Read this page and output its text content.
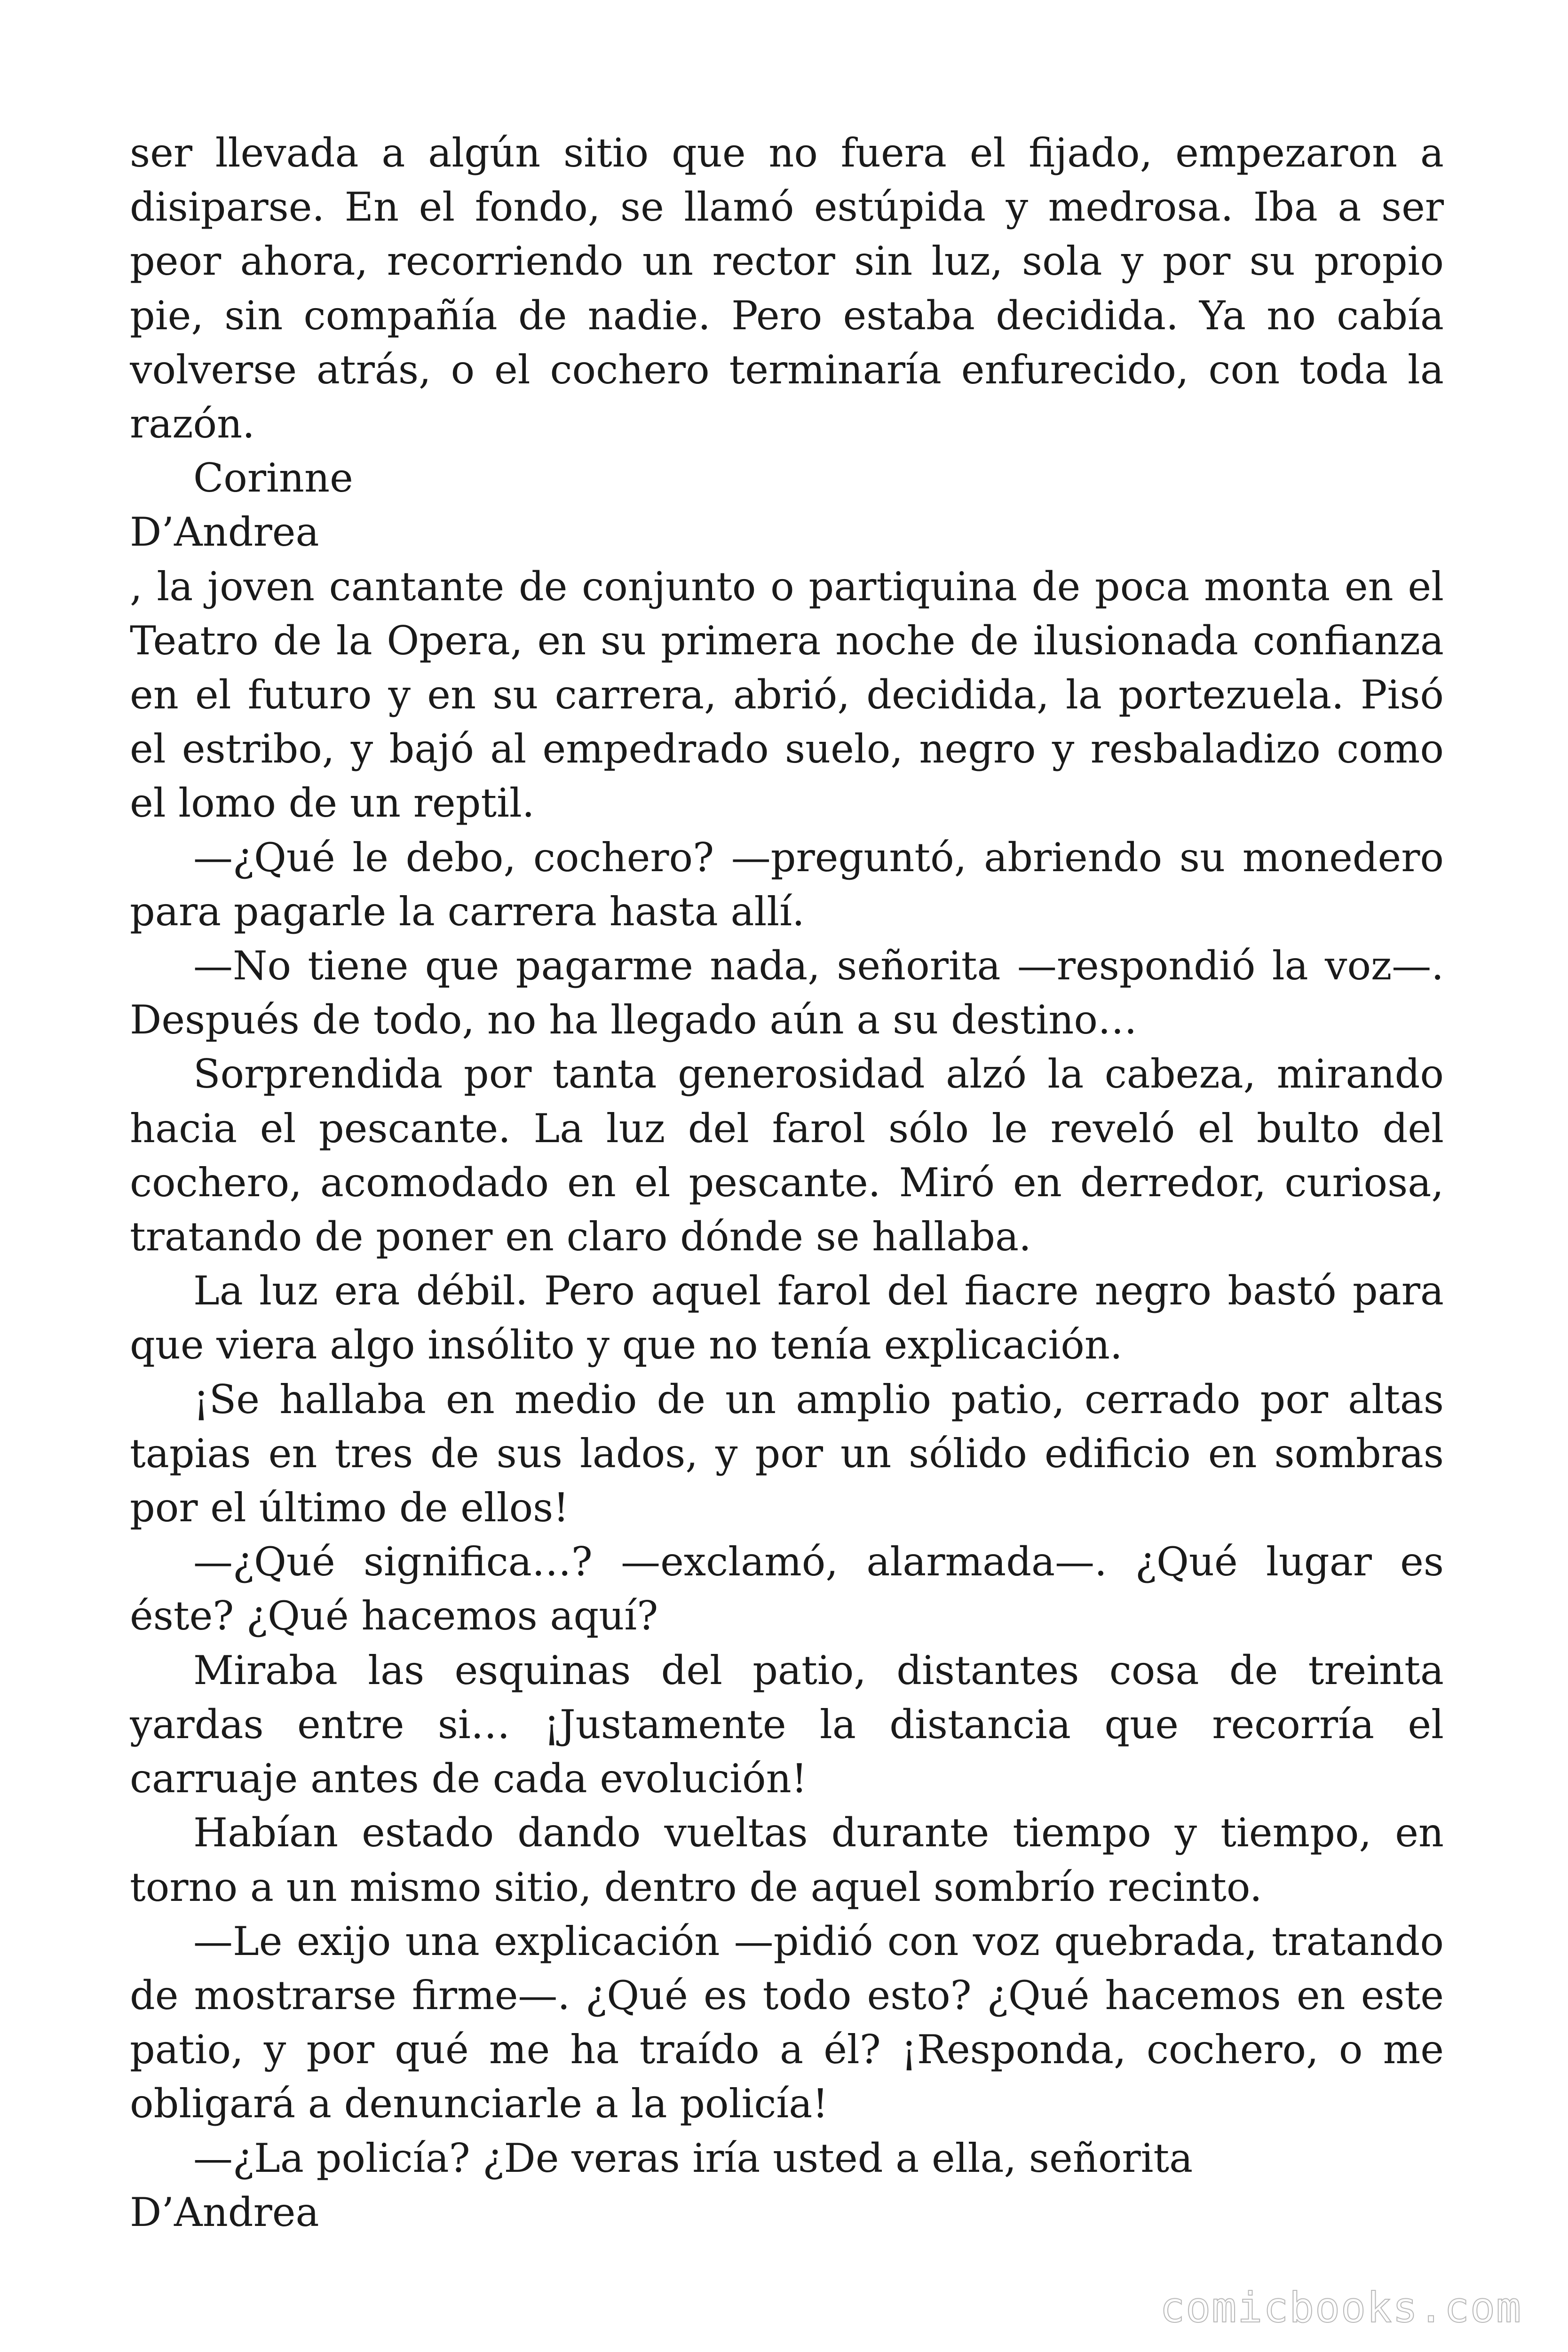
ser llevada a algún sitio que no fuera el fijado, empezaron a disiparse. En el fondo, se llamó estúpida y medrosa. Iba a ser peor ahora, recorriendo un rector sin luz, sola y por su propio pie, sin compañía de nadie. Pero estaba decidida. Ya no cabía volverse atrás, o el cochero terminaría enfurecido, con toda la razón.

Corinne

D’Andrea

, la joven cantante de conjunto o partiquina de poca monta en el Teatro de la Opera, en su primera noche de ilusionada confianza en el futuro y en su carrera, abrió, decidida, la portezuela. Pisó el estribo, y bajó al empedrado suelo, negro y resbaladizo como el lomo de un reptil.

—¿Qué le debo, cochero? —preguntó, abriendo su monedero para pagarle la carrera hasta allí.

—No tiene que pagarme nada, señorita —respondió la voz—. Después de todo, no ha llegado aún a su destino…

Sorprendida por tanta generosidad alzó la cabeza, mirando hacia el pescante. La luz del farol sólo le reveló el bulto del cochero, acomodado en el pescante. Miró en derredor, curiosa, tratando de poner en claro dónde se hallaba.

La luz era débil. Pero aquel farol del fiacre negro bastó para que viera algo insólito y que no tenía explicación.

¡Se hallaba en medio de un amplio patio, cerrado por altas tapias en tres de sus lados, y por un sólido edificio en sombras por el último de ellos!

—¿Qué significa…? —exclamó, alarmada—. ¿Qué lugar es éste? ¿Qué hacemos aquí?

Miraba las esquinas del patio, distantes cosa de treinta yardas entre si… ¡Justamente la distancia que recorría el carruaje antes de cada evolución!

Habían estado dando vueltas durante tiempo y tiempo, en torno a un mismo sitio, dentro de aquel sombrío recinto.

—Le exijo una explicación —pidió con voz quebrada, tratando de mostrarse firme—. ¿Qué es todo esto? ¿Qué hacemos en este patio, y por qué me ha traído a él? ¡Responda, cochero, o me obligará a denunciarle a la policía!

—¿La policía? ¿De veras iría usted a ella, señorita

D’Andrea

comicbooks.com
